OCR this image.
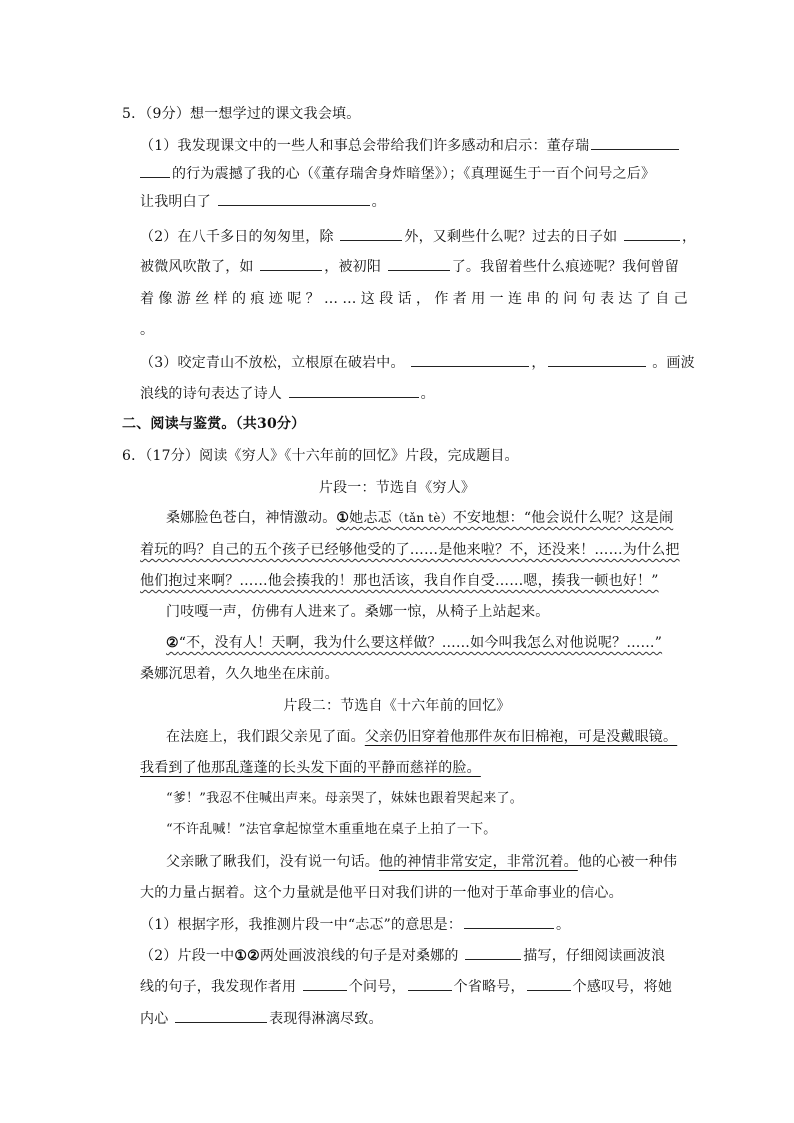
5．（9分）想一想学过的课文我会填。
（1）我发现课文中的一些人和事总会带给我们许多感动和启示：董存瑞
的行为震撼了我的心（《董存瑞舍身炸暗堡》）；《真理诞生于一百个问号之后》
让我明白了	。
（2）在八千多日的匆匆里，除	外，又剩些什么呢？过去的日子如	，
被微风吹散了，如	，被初阳	了。我留着些什么痕迹呢？我何曾留
着像游丝样的痕迹呢？……这段话，作者用一连串的问句表达了自己
。
（3）咬定青山不放松，立根原在破岩中。	，	。画波
浪线的诗句表达了诗人	。
二、阅读与鉴赏。（共30分）
6．（17分）阅读《穷人》《十六年前的回忆》片段，完成题目。
片段一：节选自《穷人》
桑娜脸色苍白，神情激动。①她忐忑（tǎn tè）不安地想：“他会说什么呢？这是闹
着玩的吗？自己的五个孩子已经够他受的了……是他来啦？不，还没来！……为什么把
他们抱过来啊？……他会揍我的！那也活该，我自作自受……嗯，揍我一顿也好！”
门吱嘎一声，仿佛有人进来了。桑娜一惊，从椅子上站起来。
②“不，没有人！天啊，我为什么要这样做？……如今叫我怎么对他说呢？……”
桑娜沉思着，久久地坐在床前。
片段二：节选自《十六年前的回忆》
在法庭上，我们跟父亲见了面。父亲仍旧穿着他那件灰布旧棉袍，可是没戴眼镜。
我看到了他那乱蓬蓬的长头发下面的平静而慈祥的脸。
“爹！”我忍不住喊出声来。母亲哭了，妹妹也跟着哭起来了。
“不许乱喊！”法官拿起惊堂木重重地在桌子上拍了一下。
父亲瞅了瞅我们，没有说一句话。他的神情非常安定，非常沉着。他的心被一种伟
大的力量占据着。这个力量就是他平日对我们讲的一他对于革命事业的信心。
（1）根据字形，我推测片段一中“忐忑”的意思是：	。
（2）片段一中①②两处画波浪线的句子是对桑娜的	描写，仔细阅读画波浪
线的句子，我发现作者用	个问号，	个省略号，	个感叹号，将她
内心	表现得淋漓尽致。
